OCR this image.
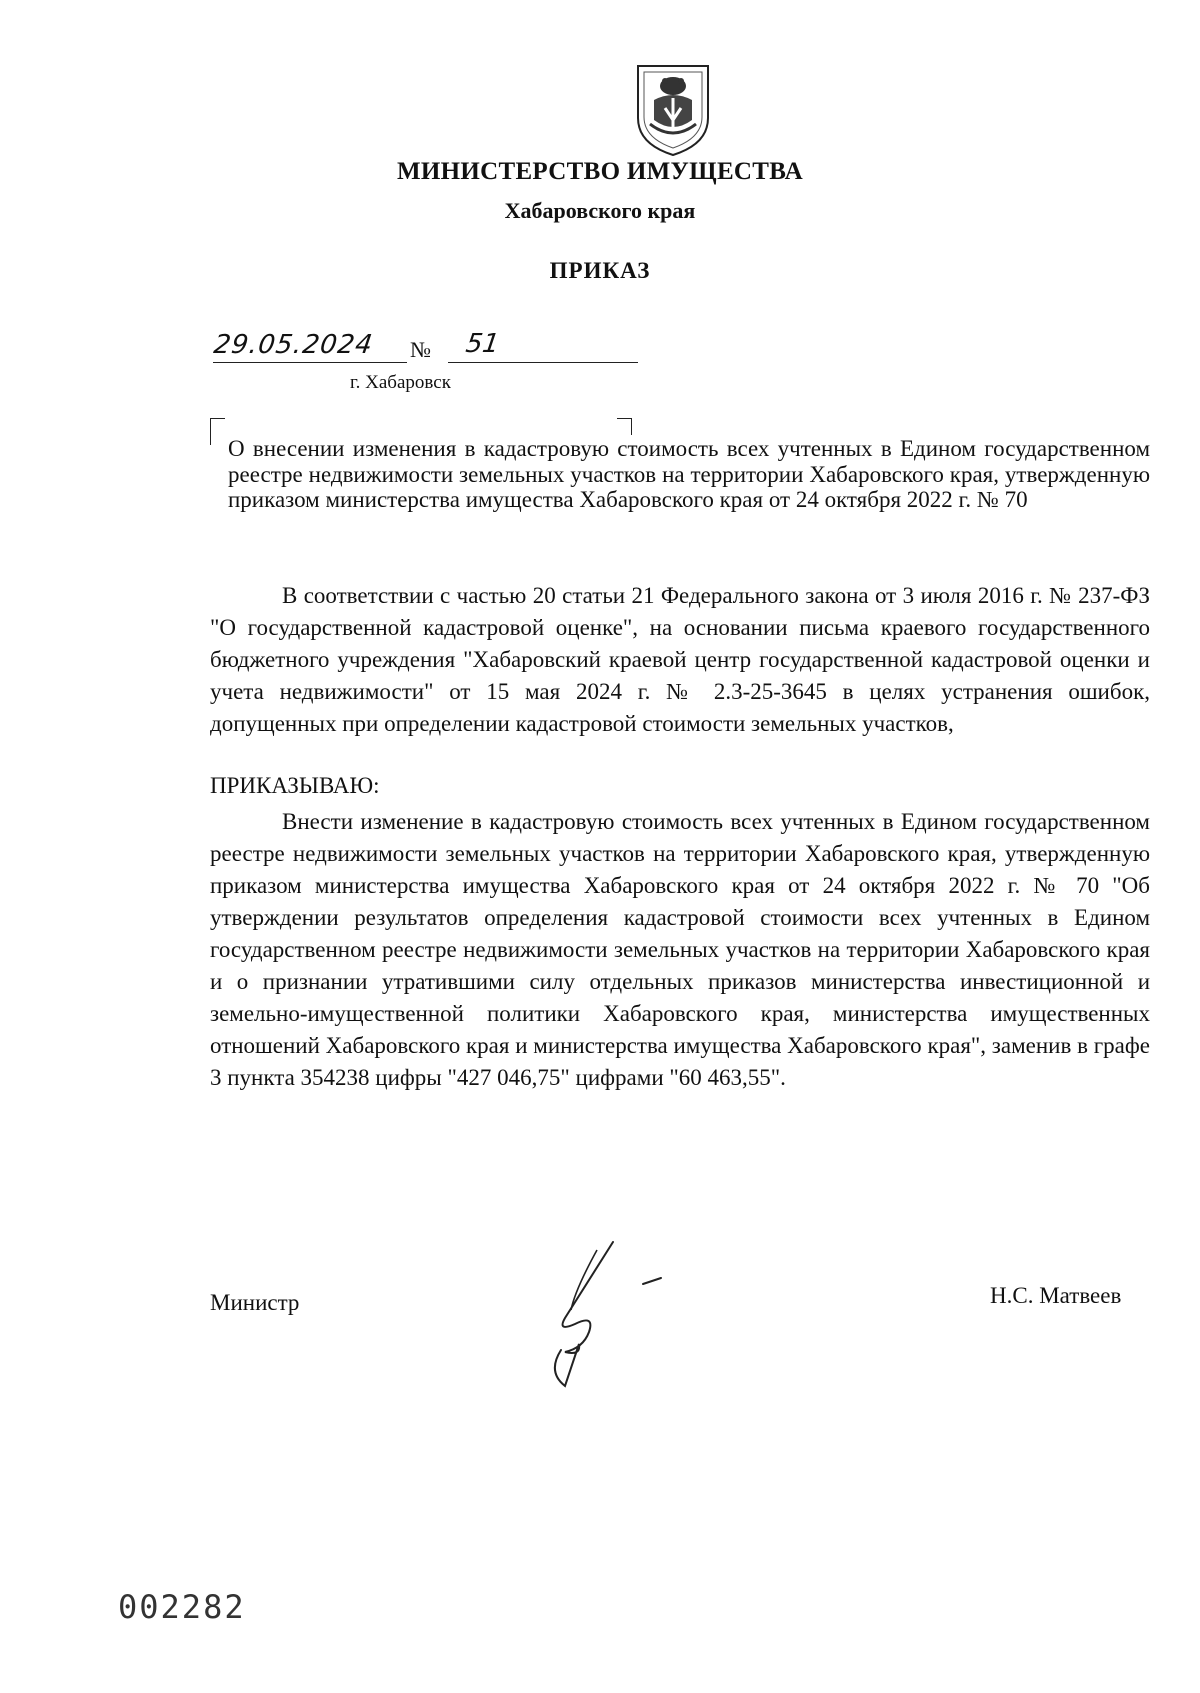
МИНИСТЕРСТВО ИМУЩЕСТВА
Хабаровского края
ПРИКАЗ
29.05.2024 № 51
г. Хабаровск
О внесении изменения в кадастровую стоимость всех учтенных в Едином государственном реестре недвижимости земельных участков на территории Хабаровского края, утвержденную приказом министерства имущества Хабаровского края от 24 октября 2022 г. № 70
В соответствии с частью 20 статьи 21 Федерального закона от 3 июля 2016 г. № 237-ФЗ "О государственной кадастровой оценке", на основании письма краевого государственного бюджетного учреждения "Хабаровский краевой центр государственной кадастровой оценки и учета недвижимости" от 15 мая 2024 г. № 2.3-25-3645 в целях устранения ошибок, допущенных при определении кадастровой стоимости земельных участков,
ПРИКАЗЫВАЮ:
Внести изменение в кадастровую стоимость всех учтенных в Едином государственном реестре недвижимости земельных участков на территории Хабаровского края, утвержденную приказом министерства имущества Хабаровского края от 24 октября 2022 г. № 70 "Об утверждении результатов определения кадастровой стоимости всех учтенных в Едином государственном реестре недвижимости земельных участков на территории Хабаровского края и о признании утратившими силу отдельных приказов министерства инвестиционной и земельно-имущественной политики Хабаровского края, министерства имущественных отношений Хабаровского края и министерства имущества Хабаровского края", заменив в графе 3 пункта 354238 цифры "427 046,75" цифрами "60 463,55".
Министр	Н.С. Матвеев
002282
